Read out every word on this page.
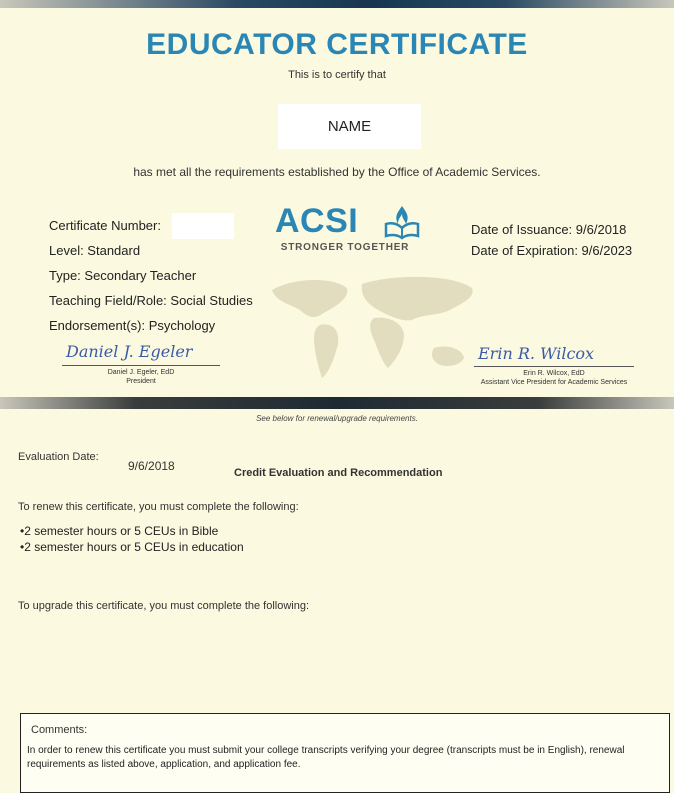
EDUCATOR CERTIFICATE
This is to certify that
NAME
has met all the requirements established by the Office of Academic Services.
Certificate Number:
Level: Standard
Type: Secondary Teacher
Teaching Field/Role: Social Studies
Endorsement(s): Psychology
ACSI
STRONGER TOGETHER
Date of Issuance: 9/6/2018
Date of Expiration: 9/6/2023
Daniel J. Egeler
Daniel J. Egeler, EdD
President
Erin R. Wilcox
Erin R. Wilcox, EdD
Assistant Vice President for Academic Services
See below for renewal/upgrade requirements.
Evaluation Date:
9/6/2018	Credit Evaluation and Recommendation
To renew this certificate, you must complete the following:
• 2 semester hours or 5 CEUs in Bible
• 2 semester hours or 5 CEUs in education
To upgrade this certificate, you must complete the following:
Comments:
In order to renew this certificate you must submit your college transcripts verifying your degree (transcripts must be in English), renewal requirements as listed above, application, and application fee.
